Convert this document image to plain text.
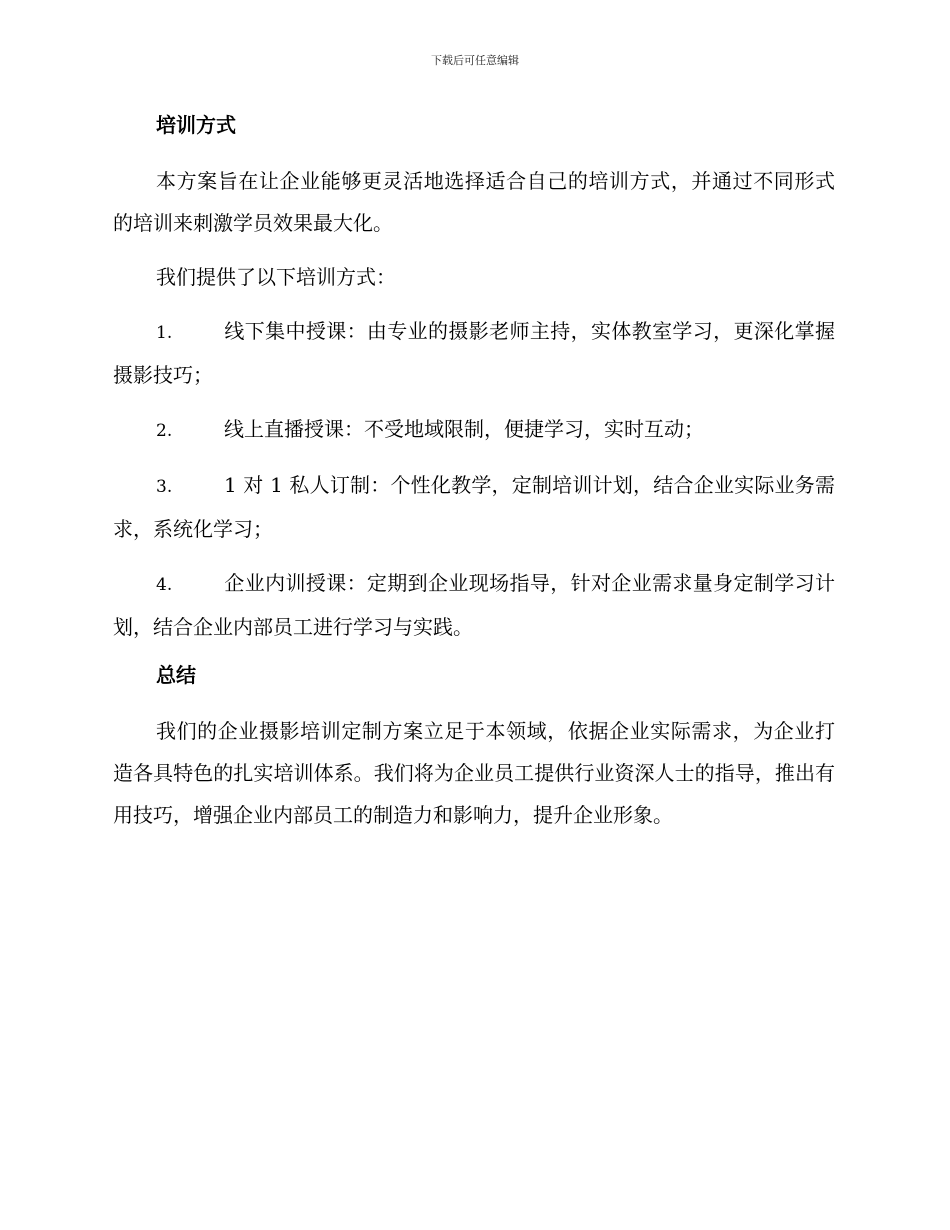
下载后可任意编辑
培训方式

本方案旨在让企业能够更灵活地选择适合自己的培训方式，并通过不同形式的培训来刺激学员效果最大化。

我们提供了以下培训方式：

1.	线下集中授课：由专业的摄影老师主持，实体教室学习，更深化掌握摄影技巧；

2.	线上直播授课：不受地域限制，便捷学习，实时互动；

3.	1 对 1 私人订制：个性化教学，定制培训计划，结合企业实际业务需求，系统化学习；

4.	企业内训授课：定期到企业现场指导，针对企业需求量身定制学习计划，结合企业内部员工进行学习与实践。

总结

我们的企业摄影培训定制方案立足于本领域，依据企业实际需求，为企业打造各具特色的扎实培训体系。我们将为企业员工提供行业资深人士的指导，推出有用技巧，增强企业内部员工的制造力和影响力，提升企业形象。
